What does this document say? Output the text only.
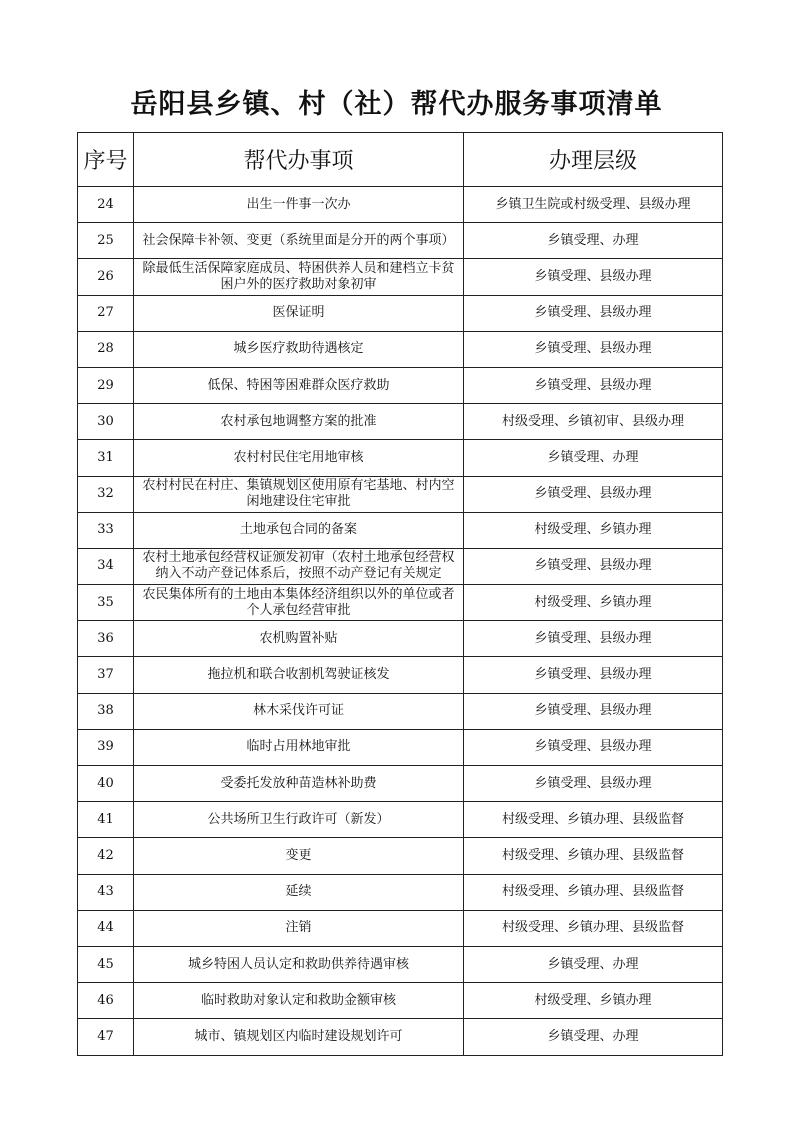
岳阳县乡镇、村（社）帮代办服务事项清单
序号	帮代办事项	办理层级
24	出生一件事一次办	乡镇卫生院或村级受理、县级办理
25	社会保障卡补领、变更（系统里面是分开的两个事项）	乡镇受理、办理
26	除最低生活保障家庭成员、特困供养人员和建档立卡贫困户外的医疗救助对象初审	乡镇受理、县级办理
27	医保证明	乡镇受理、县级办理
28	城乡医疗救助待遇核定	乡镇受理、县级办理
29	低保、特困等困难群众医疗救助	乡镇受理、县级办理
30	农村承包地调整方案的批准	村级受理、乡镇初审、县级办理
31	农村村民住宅用地审核	乡镇受理、办理
32	农村村民在村庄、集镇规划区使用原有宅基地、村内空闲地建设住宅审批	乡镇受理、县级办理
33	土地承包合同的备案	村级受理、乡镇办理
34	农村土地承包经营权证颁发初审（农村土地承包经营权纳入不动产登记体系后，按照不动产登记有关规定	乡镇受理、县级办理
35	农民集体所有的土地由本集体经济组织以外的单位或者个人承包经营审批	村级受理、乡镇办理
36	农机购置补贴	乡镇受理、县级办理
37	拖拉机和联合收割机驾驶证核发	乡镇受理、县级办理
38	林木采伐许可证	乡镇受理、县级办理
39	临时占用林地审批	乡镇受理、县级办理
40	受委托发放种苗造林补助费	乡镇受理、县级办理
41	公共场所卫生行政许可（新发）	村级受理、乡镇办理、县级监督
42	变更	村级受理、乡镇办理、县级监督
43	延续	村级受理、乡镇办理、县级监督
44	注销	村级受理、乡镇办理、县级监督
45	城乡特困人员认定和救助供养待遇审核	乡镇受理、办理
46	临时救助对象认定和救助金额审核	村级受理、乡镇办理
47	城市、镇规划区内临时建设规划许可	乡镇受理、办理
